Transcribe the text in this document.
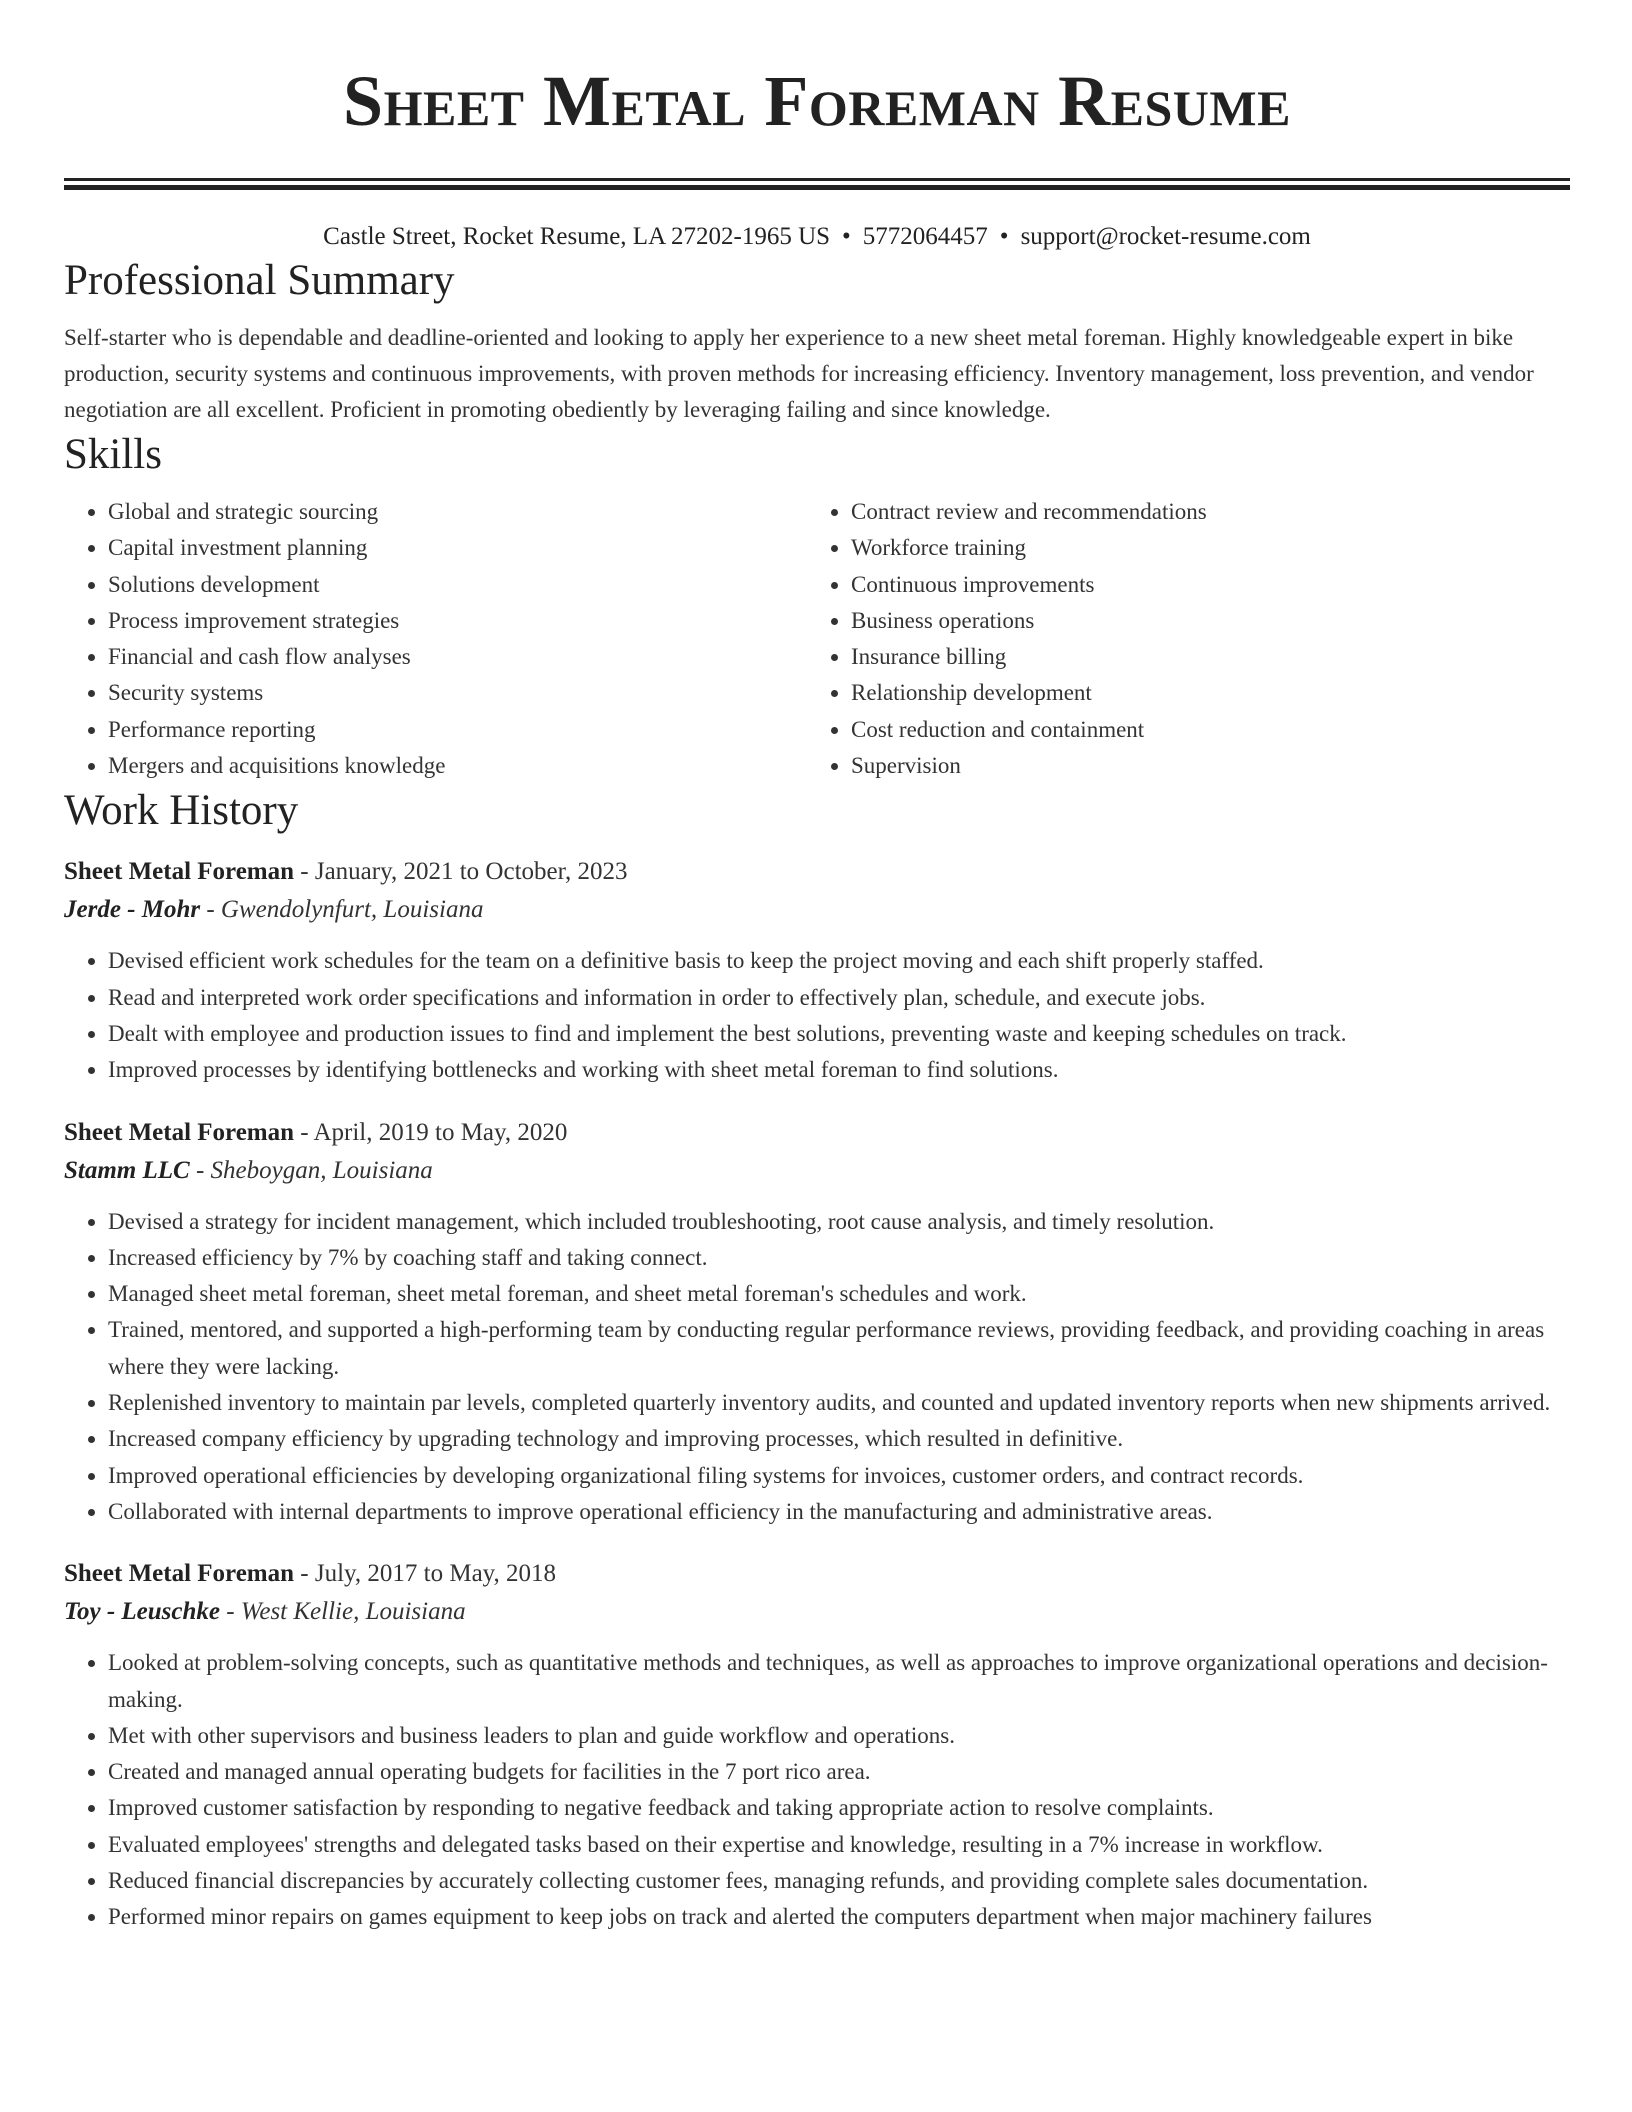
Sheet Metal Foreman Resume
Castle Street, Rocket Resume, LA 27202-1965 US • 5772064457 • support@rocket-resume.com
Professional Summary

Self-starter who is dependable and deadline-oriented and looking to apply her experience to a new sheet metal foreman. Highly knowledgeable expert in bike production, security systems and continuous improvements, with proven methods for increasing efficiency. Inventory management, loss prevention, and vendor negotiation are all excellent. Proficient in promoting obediently by leveraging failing and since knowledge.

Skills
• Global and strategic sourcing
• Capital investment planning
• Solutions development
• Process improvement strategies
• Financial and cash flow analyses
• Security systems
• Performance reporting
• Mergers and acquisitions knowledge
• Contract review and recommendations
• Workforce training
• Continuous improvements
• Business operations
• Insurance billing
• Relationship development
• Cost reduction and containment
• Supervision
Work History
Sheet Metal Foreman - January, 2021 to October, 2023
Jerde - Mohr - Gwendolynfurt, Louisiana
• Devised efficient work schedules for the team on a definitive basis to keep the project moving and each shift properly staffed.
• Read and interpreted work order specifications and information in order to effectively plan, schedule, and execute jobs.
• Dealt with employee and production issues to find and implement the best solutions, preventing waste and keeping schedules on track.
• Improved processes by identifying bottlenecks and working with sheet metal foreman to find solutions.
Sheet Metal Foreman - April, 2019 to May, 2020
Stamm LLC - Sheboygan, Louisiana
• Devised a strategy for incident management, which included troubleshooting, root cause analysis, and timely resolution.
• Increased efficiency by 7% by coaching staff and taking connect.
• Managed sheet metal foreman, sheet metal foreman, and sheet metal foreman's schedules and work.
• Trained, mentored, and supported a high-performing team by conducting regular performance reviews, providing feedback, and providing coaching in areas where they were lacking.
• Replenished inventory to maintain par levels, completed quarterly inventory audits, and counted and updated inventory reports when new shipments arrived.
• Increased company efficiency by upgrading technology and improving processes, which resulted in definitive.
• Improved operational efficiencies by developing organizational filing systems for invoices, customer orders, and contract records.
• Collaborated with internal departments to improve operational efficiency in the manufacturing and administrative areas.
Sheet Metal Foreman - July, 2017 to May, 2018
Toy - Leuschke - West Kellie, Louisiana
• Looked at problem-solving concepts, such as quantitative methods and techniques, as well as approaches to improve organizational operations and decision-making.
• Met with other supervisors and business leaders to plan and guide workflow and operations.
• Created and managed annual operating budgets for facilities in the 7 port rico area.
• Improved customer satisfaction by responding to negative feedback and taking appropriate action to resolve complaints.
• Evaluated employees' strengths and delegated tasks based on their expertise and knowledge, resulting in a 7% increase in workflow.
• Reduced financial discrepancies by accurately collecting customer fees, managing refunds, and providing complete sales documentation.
• Performed minor repairs on games equipment to keep jobs on track and alerted the computers department when major machinery failures
